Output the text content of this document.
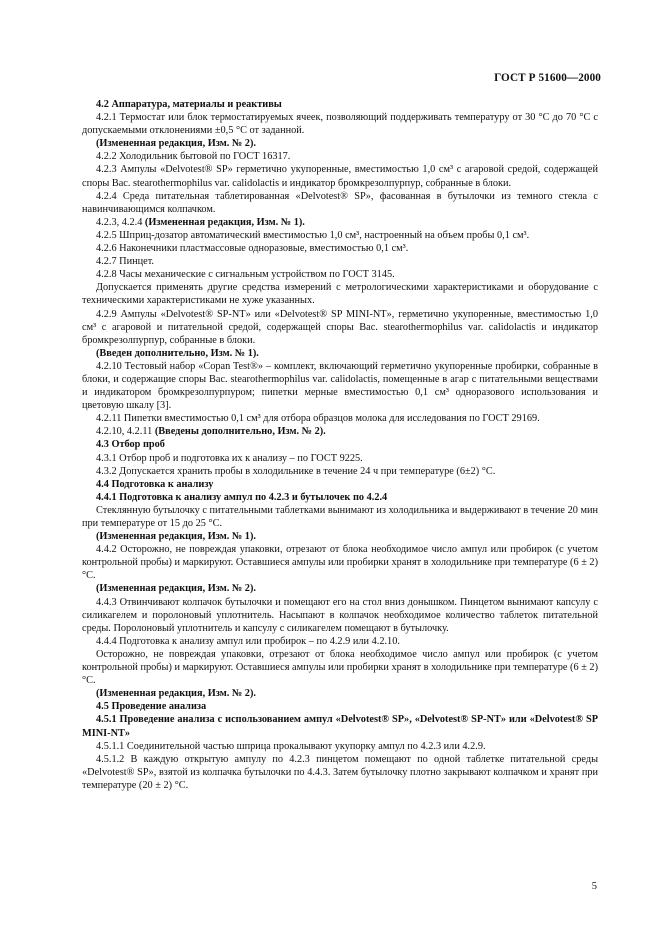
ГОСТ Р 51600—2000

4.2 Аппаратура, материалы и реактивы

4.2.1 Термостат или блок термостатируемых ячеек, позволяющий поддерживать температуру от 30 °С до 70 °С с допускаемыми отклонениями ±0,5 °С от заданной.

(Измененная редакция, Изм. № 2).

4.2.2 Холодильник бытовой по ГОСТ 16317.

4.2.3 Ампулы «Delvotest® SP» герметично укупоренные, вместимостью 1,0 см³ с агаровой средой, содержащей споры Bac. stearothermophilus var. calidolactis и индикатор бромкрезолпурпур, собранные в блоки.

4.2.4 Среда питательная таблетированная «Delvotest® SP», фасованная в бутылочки из темного стекла с навинчивающимся колпачком.

4.2.3, 4.2.4 (Измененная редакция, Изм. № 1).

4.2.5 Шприц-дозатор автоматический вместимостью 1,0 см³, настроенный на объем пробы 0,1 см³.

4.2.6 Наконечники пластмассовые одноразовые, вместимостью 0,1 см³.

4.2.7 Пинцет.

4.2.8 Часы механические с сигнальным устройством по ГОСТ 3145.

Допускается применять другие средства измерений с метрологическими характеристиками и оборудование с техническими характеристиками не хуже указанных.

4.2.9 Ампулы «Delvotest® SP-NT» или «Delvotest® SP MINI-NT», герметично укупоренные, вместимостью 1,0 см³ с агаровой и питательной средой, содержащей споры Bac. stearothermophilus var. calidolactis и индикатор бромкрезолпурпур, собранные в блоки.

(Введен дополнительно, Изм. № 1).

4.2.10 Тестовый набор «Copan Test®» – комплект, включающий герметично укупоренные пробирки, собранные в блоки, и содержащие споры Bac. stearothermophilus var. calidolactis, помещенные в агар с питательными веществами и индикатором бромкрезолпурпуром; пипетки мерные вместимостью 0,1 см³ одноразового использования и цветовую шкалу [3].

4.2.11 Пипетки вместимостью 0,1 см³ для отбора образцов молока для исследования по ГОСТ 29169.

4.2.10, 4.2.11 (Введены дополнительно, Изм. № 2).

4.3 Отбор проб

4.3.1 Отбор проб и подготовка их к анализу – по ГОСТ 9225.

4.3.2 Допускается хранить пробы в холодильнике в течение 24 ч при температуре (6±2) °С.

4.4 Подготовка к анализу

4.4.1 Подготовка к анализу ампул по 4.2.3 и бутылочек по 4.2.4

Стеклянную бутылочку с питательными таблетками вынимают из холодильника и выдерживают в течение 20 мин при температуре от 15 до 25 °С.

(Измененная редакция, Изм. № 1).

4.4.2 Осторожно, не повреждая упаковки, отрезают от блока необходимое число ампул или пробирок (с учетом контрольной пробы) и маркируют. Оставшиеся ампулы или пробирки хранят в холодильнике при температуре (6 ± 2) °С.

(Измененная редакция, Изм. № 2).

4.4.3 Отвинчивают колпачок бутылочки и помещают его на стол вниз донышком. Пинцетом вынимают капсулу с силикагелем и поролоновый уплотнитель. Насыпают в колпачок необходимое количество таблеток питательной среды. Поролоновый уплотнитель и капсулу с силикагелем помещают в бутылочку.

4.4.4 Подготовка к анализу ампул или пробирок – по 4.2.9 или 4.2.10.

Осторожно, не повреждая упаковки, отрезают от блока необходимое число ампул или пробирок (с учетом контрольной пробы) и маркируют. Оставшиеся ампулы или пробирки хранят в холодильнике при температуре (6 ± 2) °С.

(Измененная редакция, Изм. № 2).

4.5 Проведение анализа

4.5.1 Проведение анализа с использованием ампул «Delvotest® SP», «Delvotest® SP-NT» или «Delvotest® SP MINI-NT»

4.5.1.1 Соединительной частью шприца прокалывают укупорку ампул по 4.2.3 или 4.2.9.

4.5.1.2 В каждую открытую ампулу по 4.2.3 пинцетом помещают по одной таблетке питательной среды «Delvotest® SP», взятой из колпачка бутылочки по 4.4.3. Затем бутылочку плотно закрывают колпачком и хранят при температуре (20 ± 2) °С.

5
